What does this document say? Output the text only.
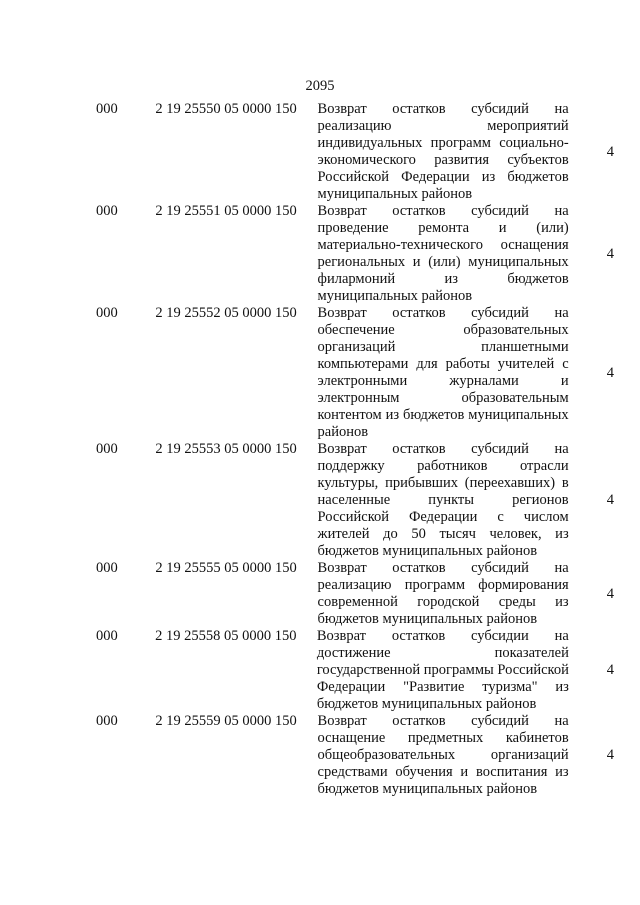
2095
000	2 19 25550 05 0000 150	Возврат остатков субсидий на
реализацию мероприятий
индивидуальных программ социально-
экономического развития субъектов
Российской Федерации из бюджетов
муниципальных районов
4
000	2 19 25551 05 0000 150	Возврат остатков субсидий на
проведение ремонта и (или)
материально-технического оснащения
региональных и (или) муниципальных
филармоний из бюджетов
муниципальных районов
4
000	2 19 25552 05 0000 150	Возврат остатков субсидий на
обеспечение образовательных
организаций планшетными
компьютерами для работы учителей с
электронными журналами и
электронным образовательным
контентом из бюджетов муниципальных
районов
4
000	2 19 25553 05 0000 150	Возврат остатков субсидий на
поддержку работников отрасли
культуры, прибывших (переехавших) в
населенные пункты регионов
Российской Федерации с числом
жителей до 50 тысяч человек, из
бюджетов муниципальных районов
4
000	2 19 25555 05 0000 150	Возврат остатков субсидий на
реализацию программ формирования
современной городской среды из
бюджетов муниципальных районов
4
000	2 19 25558 05 0000 150	Возврат остатков субсидии на
достижение показателей
государственной программы Российской
Федерации "Развитие туризма" из
бюджетов муниципальных районов
4
000	2 19 25559 05 0000 150	Возврат остатков субсидий на
оснащение предметных кабинетов
общеобразовательных организаций
средствами обучения и воспитания из
бюджетов муниципальных районов
4
